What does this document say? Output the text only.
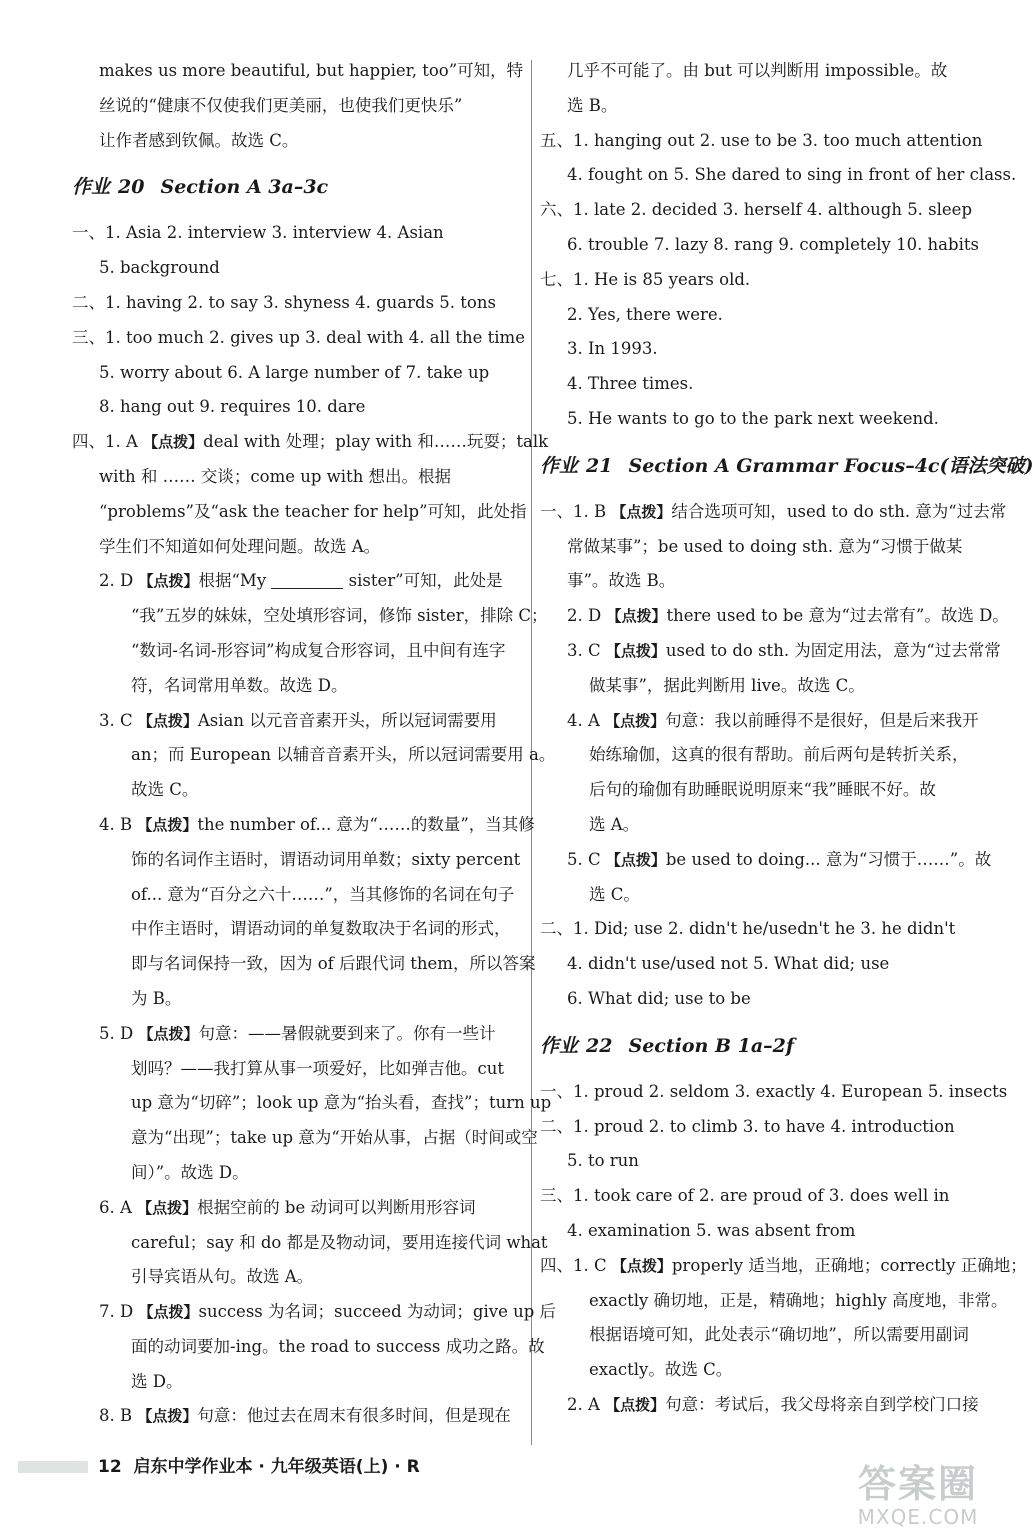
makes us more beautiful, but happier, too”可知，特
丝说的“健康不仅使我们更美丽，也使我们更快乐”
让作者感到钦佩。故选 C。
作业 20 Section A 3a–3c
一、1. Asia 2. interview 3. interview 4. Asian
5. background
二、1. having 2. to say 3. shyness 4. guards 5. tons
三、1. too much 2. gives up 3. deal with 4. all the time
5. worry about 6. A large number of 7. take up
8. hang out 9. requires 10. dare
四、1. A 【点拨】deal with 处理；play with 和……玩耍；talk
with 和 …… 交谈；come up with 想出。根据
“problems”及“ask the teacher for help”可知，此处指
学生们不知道如何处理问题。故选 A。
2. D 【点拨】根据“My	sister”可知，此处是
“我”五岁的妹妹，空处填形容词，修饰 sister，排除 C；
“数词-名词-形容词”构成复合形容词，且中间有连字
符，名词常用单数。故选 D。
3. C 【点拨】Asian 以元音音素开头，所以冠词需要用
an；而 European 以辅音音素开头，所以冠词需要用 a。
故选 C。
4. B 【点拨】the number of... 意为“……的数量”，当其修
饰的名词作主语时，谓语动词用单数；sixty percent
of... 意为“百分之六十……”，当其修饰的名词在句子
中作主语时，谓语动词的单复数取决于名词的形式，
即与名词保持一致，因为 of 后跟代词 them，所以答案
为 B。
5. D 【点拨】句意：——暑假就要到来了。你有一些计
划吗？——我打算从事一项爱好，比如弹吉他。cut
up 意为“切碎”；look up 意为“抬头看，查找”；turn up
意为“出现”；take up 意为“开始从事，占据（时间或空
间）”。故选 D。
6. A 【点拨】根据空前的 be 动词可以判断用形容词
careful；say 和 do 都是及物动词，要用连接代词 what
引导宾语从句。故选 A。
7. D 【点拨】success 为名词；succeed 为动词；give up 后
面的动词要加-ing。the road to success 成功之路。故
选 D。
8. B 【点拨】句意：他过去在周末有很多时间，但是现在
几乎不可能了。由 but 可以判断用 impossible。故
选 B。
五、1. hanging out 2. use to be 3. too much attention
4. fought on 5. She dared to sing in front of her class.
六、1. late 2. decided 3. herself 4. although 5. sleep
6. trouble 7. lazy 8. rang 9. completely 10. habits
七、1. He is 85 years old.
2. Yes, there were.
3. In 1993.
4. Three times.
5. He wants to go to the park next weekend.
作业 21 Section A Grammar Focus–4c(语法突破)
一、1. B 【点拨】结合选项可知，used to do sth. 意为“过去常
常做某事”；be used to doing sth. 意为“习惯于做某
事”。故选 B。
2. D 【点拨】there used to be 意为“过去常有”。故选 D。
3. C 【点拨】used to do sth. 为固定用法，意为“过去常常
做某事”，据此判断用 live。故选 C。
4. A 【点拨】句意：我以前睡得不是很好，但是后来我开
始练瑜伽，这真的很有帮助。前后两句是转折关系，
后句的瑜伽有助睡眠说明原来“我”睡眠不好。故
选 A。
5. C 【点拨】be used to doing... 意为“习惯于……”。故
选 C。
二、1. Did; use 2. didn't he/usedn't he 3. he didn't
4. didn't use/used not 5. What did; use
6. What did; use to be
作业 22 Section B 1a–2f
一、1. proud 2. seldom 3. exactly 4. European 5. insects
二、1. proud 2. to climb 3. to have 4. introduction
5. to run
三、1. took care of 2. are proud of 3. does well in
4. examination 5. was absent from
四、1. C 【点拨】properly 适当地，正确地；correctly 正确地；
exactly 确切地，正是，精确地；highly 高度地，非常。
根据语境可知，此处表示“确切地”，所以需要用副词
exactly。故选 C。
2. A 【点拨】句意：考试后，我父母将亲自到学校门口接
12 启东中学作业本 · 九年级英语(上) · R	答案圈
MXQE.COM
